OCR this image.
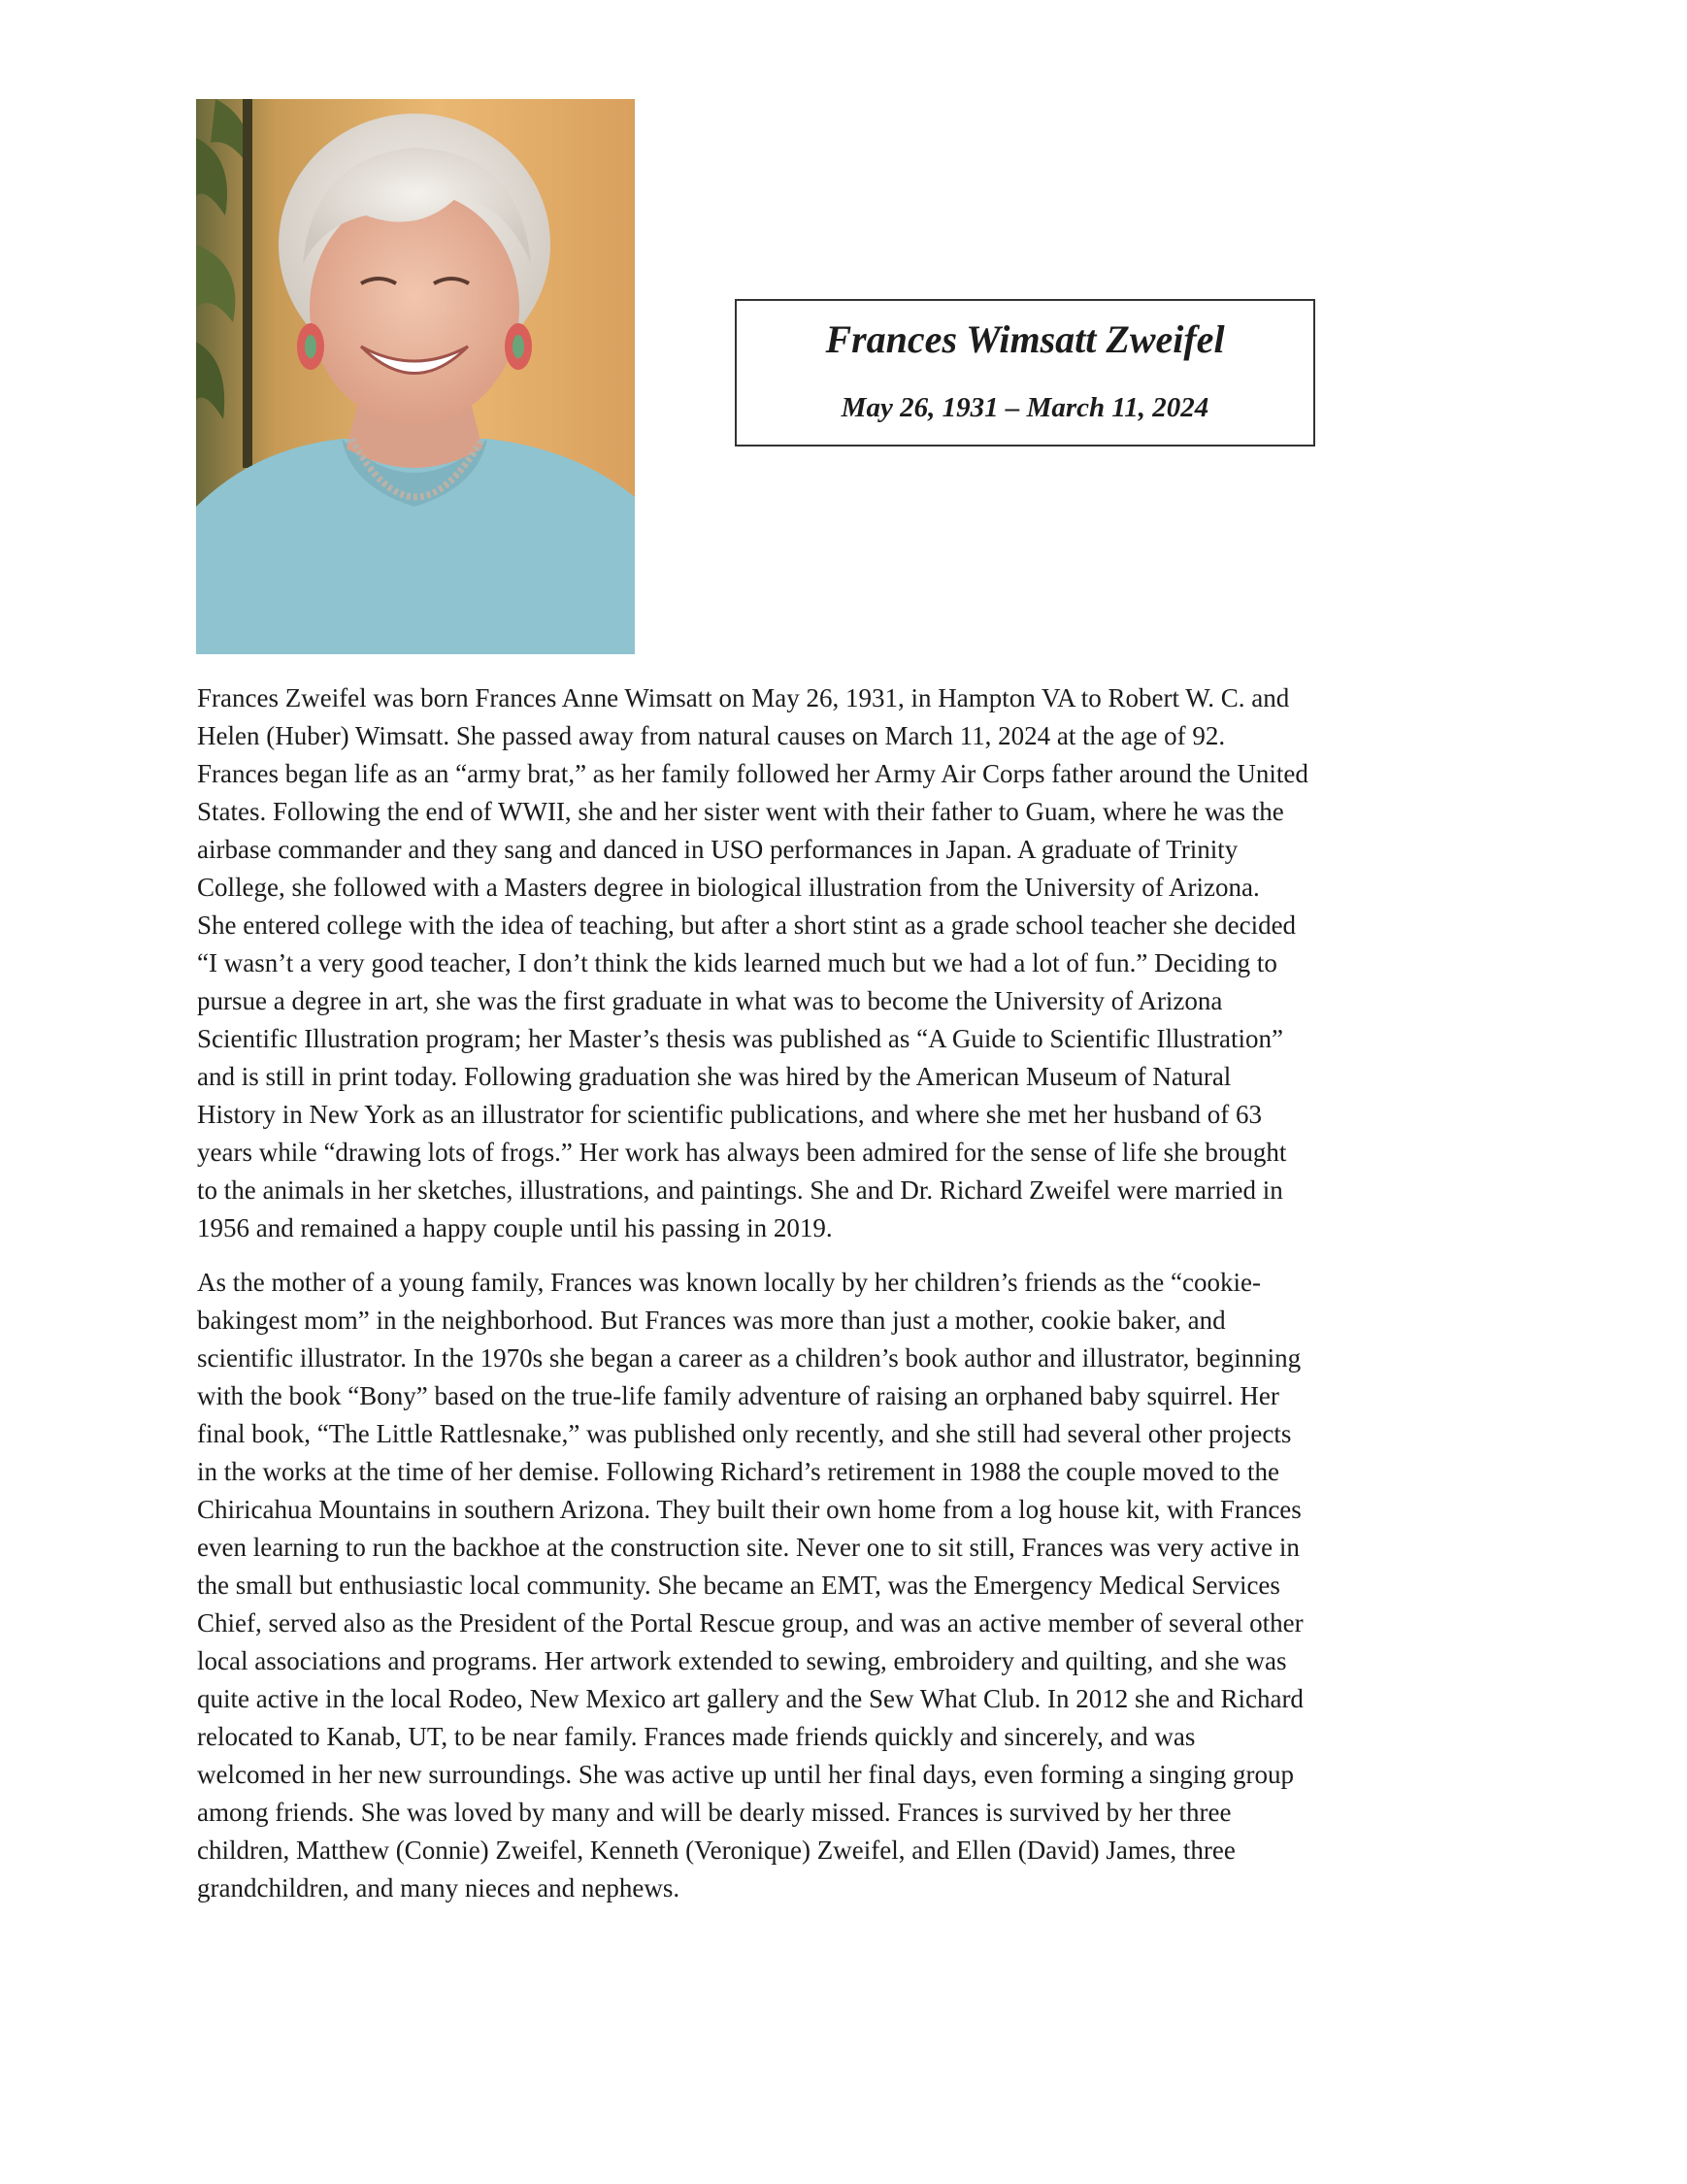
Frances Wimsatt Zweifel
May 26, 1931 – March 11, 2024
Frances Zweifel was born Frances Anne Wimsatt on May 26, 1931, in Hampton VA to Robert W. C. and
Helen (Huber) Wimsatt. She passed away from natural causes on March 11, 2024 at the age of 92.
Frances began life as an “army brat,” as her family followed her Army Air Corps father around the United
States. Following the end of WWII, she and her sister went with their father to Guam, where he was the
airbase commander and they sang and danced in USO performances in Japan. A graduate of Trinity
College, she followed with a Masters degree in biological illustration from the University of Arizona.
She entered college with the idea of teaching, but after a short stint as a grade school teacher she decided
“I wasn’t a very good teacher, I don’t think the kids learned much but we had a lot of fun.” Deciding to
pursue a degree in art, she was the first graduate in what was to become the University of Arizona
Scientific Illustration program; her Master’s thesis was published as “A Guide to Scientific Illustration”
and is still in print today. Following graduation she was hired by the American Museum of Natural
History in New York as an illustrator for scientific publications, and where she met her husband of 63
years while “drawing lots of frogs.” Her work has always been admired for the sense of life she brought
to the animals in her sketches, illustrations, and paintings. She and Dr. Richard Zweifel were married in
1956 and remained a happy couple until his passing in 2019.
As the mother of a young family, Frances was known locally by her children’s friends as the “cookie-
bakingest mom” in the neighborhood. But Frances was more than just a mother, cookie baker, and
scientific illustrator. In the 1970s she began a career as a children’s book author and illustrator, beginning
with the book “Bony” based on the true-life family adventure of raising an orphaned baby squirrel. Her
final book, “The Little Rattlesnake,” was published only recently, and she still had several other projects
in the works at the time of her demise. Following Richard’s retirement in 1988 the couple moved to the
Chiricahua Mountains in southern Arizona. They built their own home from a log house kit, with Frances
even learning to run the backhoe at the construction site. Never one to sit still, Frances was very active in
the small but enthusiastic local community. She became an EMT, was the Emergency Medical Services
Chief, served also as the President of the Portal Rescue group, and was an active member of several other
local associations and programs. Her artwork extended to sewing, embroidery and quilting, and she was
quite active in the local Rodeo, New Mexico art gallery and the Sew What Club. In 2012 she and Richard
relocated to Kanab, UT, to be near family. Frances made friends quickly and sincerely, and was
welcomed in her new surroundings. She was active up until her final days, even forming a singing group
among friends. She was loved by many and will be dearly missed. Frances is survived by her three
children, Matthew (Connie) Zweifel, Kenneth (Veronique) Zweifel, and Ellen (David) James, three
grandchildren, and many nieces and nephews.
